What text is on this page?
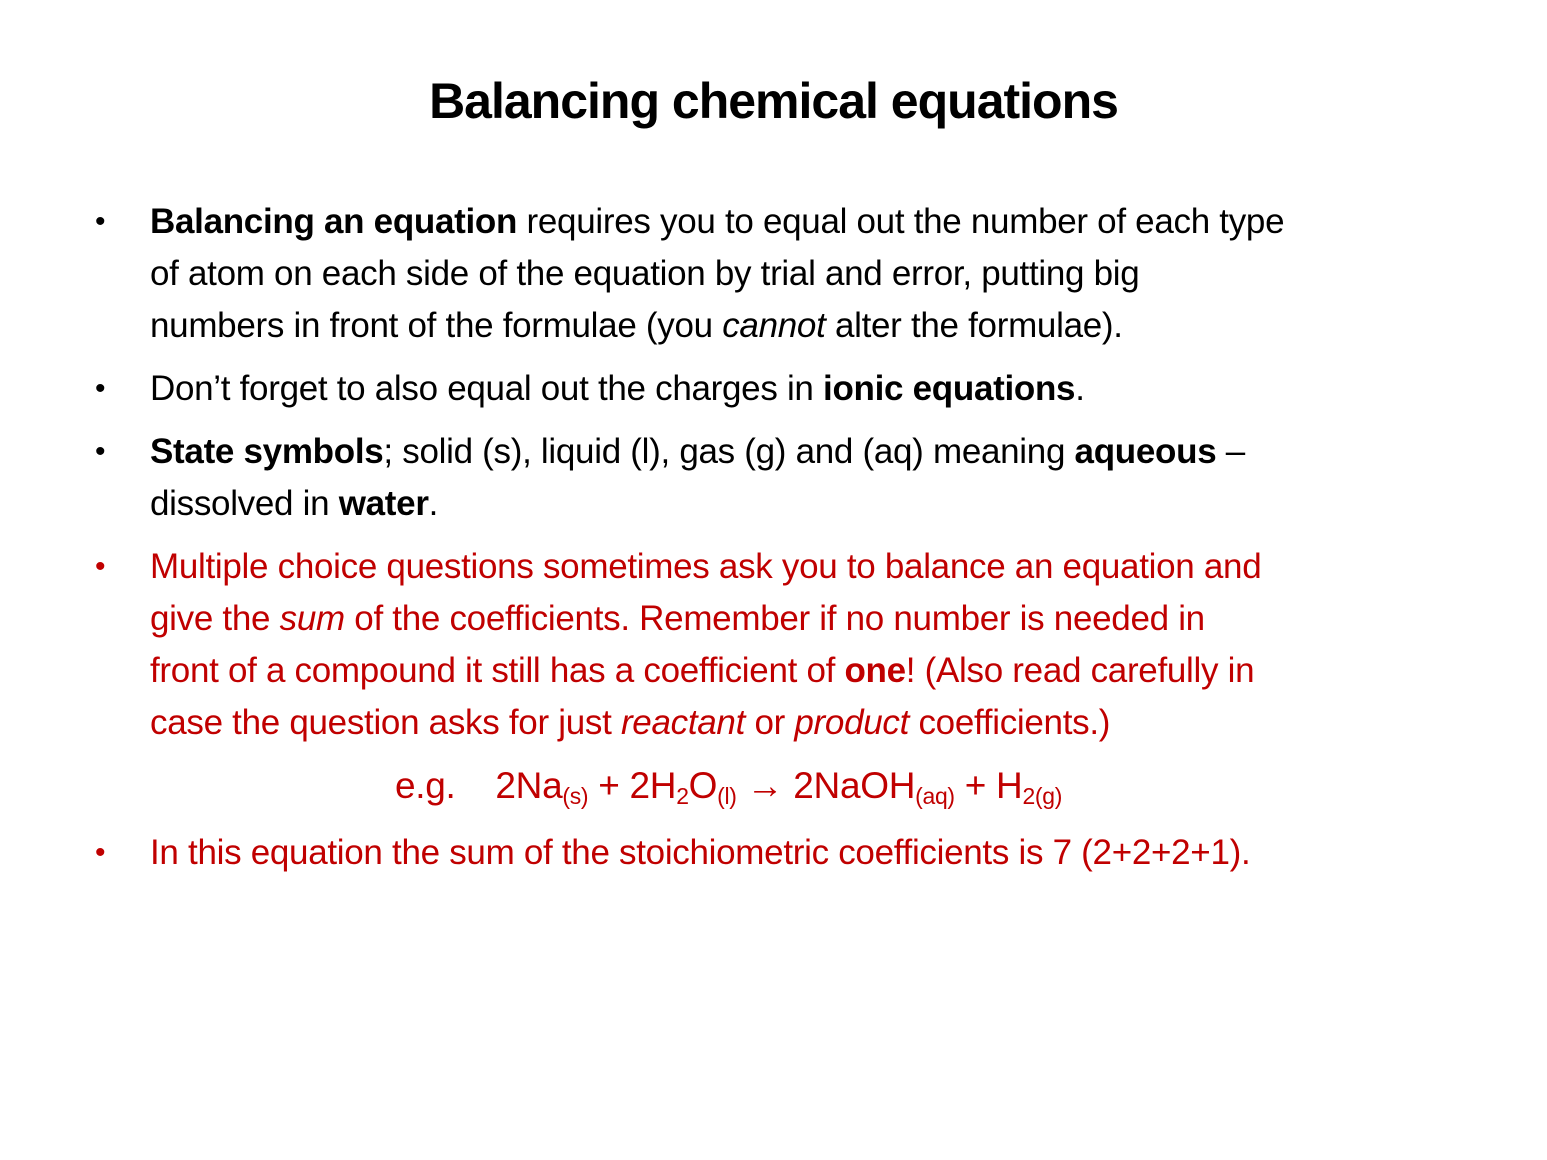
Balancing chemical equations
•	Balancing an equation requires you to equal out the number of each type
of atom on each side of the equation by trial and error, putting big
numbers in front of the formulae (you cannot alter the formulae).
•	Don’t forget to also equal out the charges in ionic equations.
•	State symbols; solid (s), liquid (l), gas (g) and (aq) meaning aqueous –
dissolved in water.
•	Multiple choice questions sometimes ask you to balance an equation and
give the sum of the coefficients. Remember if no number is needed in
front of a compound it still has a coefficient of one! (Also read carefully in
case the question asks for just reactant or product coefficients.)
e.g.    2Na(s) + 2H2O(l) → 2NaOH(aq) + H2(g)
•	In this equation the sum of the stoichiometric coefficients is 7 (2+2+2+1).
